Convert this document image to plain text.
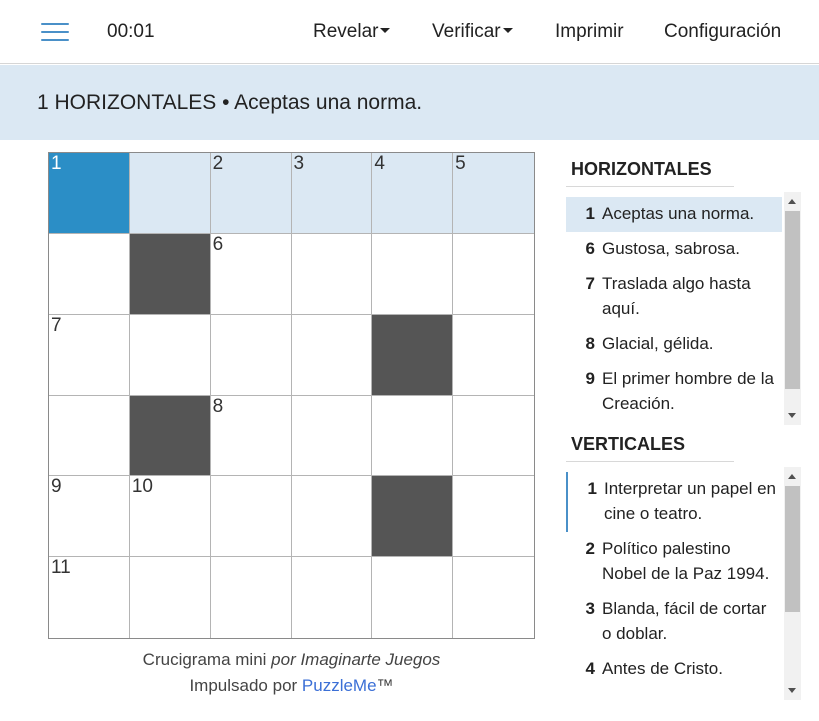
00:01	Revelar	Verificar	Imprimir Configuración
1 HORIZONTALES • Aceptas una norma.
1	2	3	4	5
6
7
8
9	10
11
Crucigrama mini por Imaginarte Juegos
Impulsado por PuzzleMe™
HORIZONTALES
1 Aceptas una norma.
6 Gustosa, sabrosa.
7 Traslada algo hasta aquí.
8 Glacial, gélida.
9 El primer hombre de la Creación.
VERTICALES
1 Interpretar un papel en cine o teatro.
2 Político palestino Nobel de la Paz 1994.
3 Blanda, fácil de cortar o doblar.
4 Antes de Cristo.
